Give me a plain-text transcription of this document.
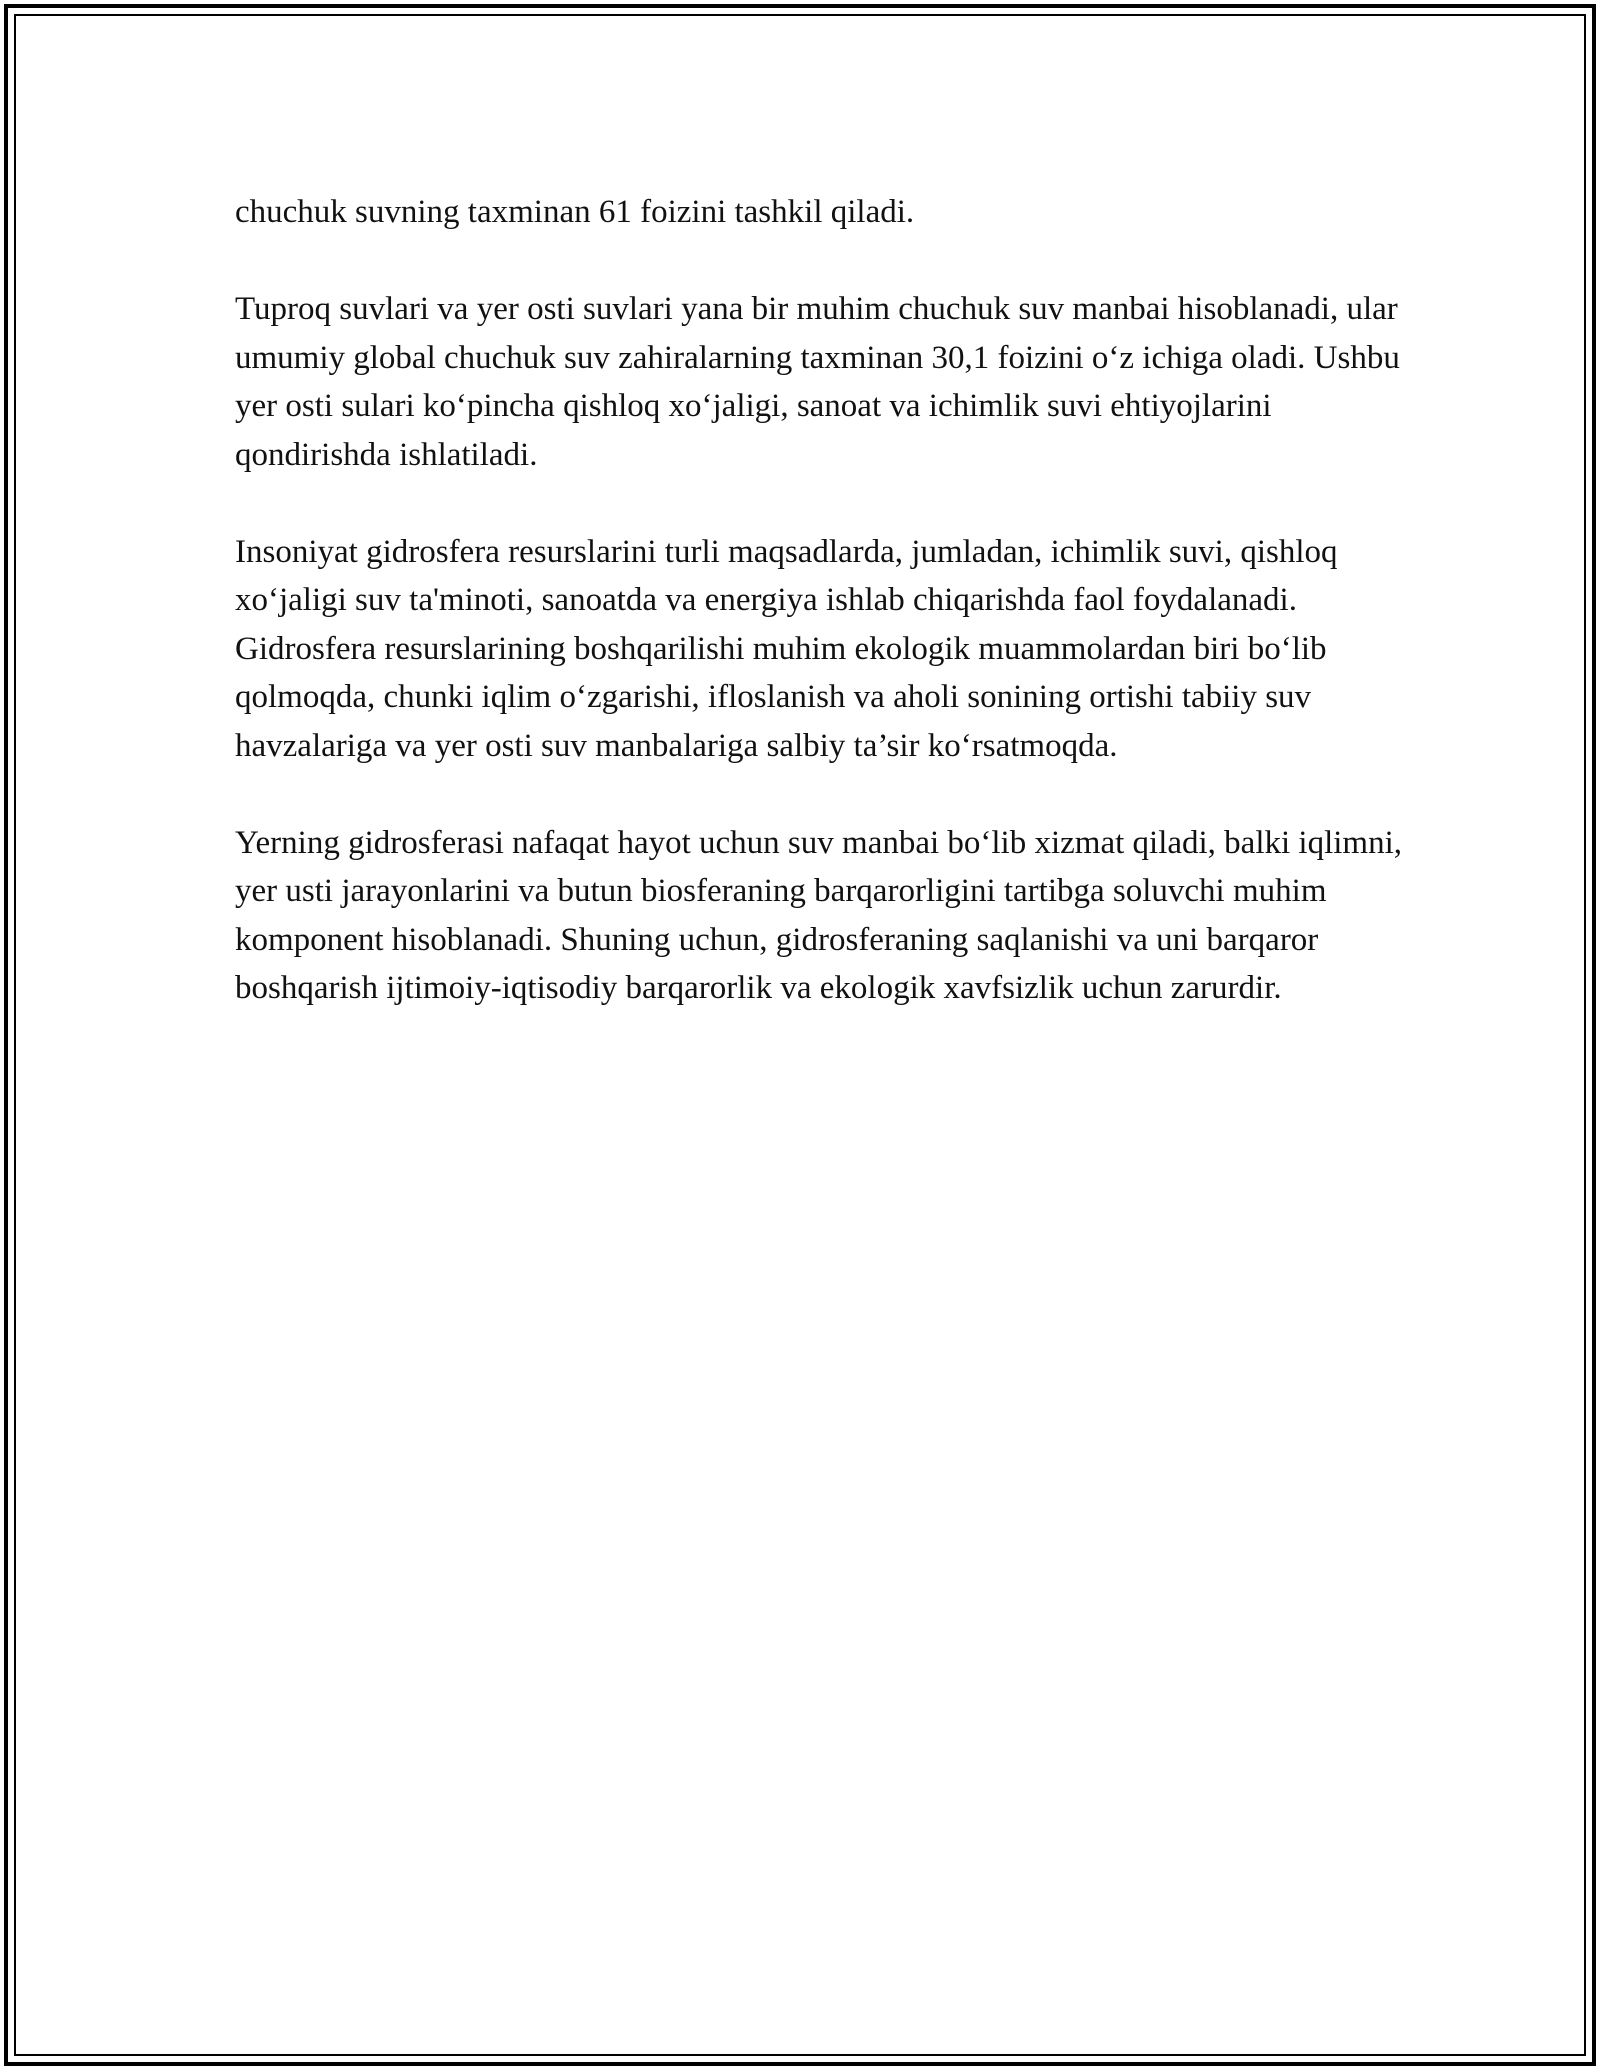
chuchuk suvning taxminan 61 foizini tashkil qiladi.

Tuproq suvlari va yer osti suvlari yana bir muhim chuchuk suv manbai hisoblanadi, ular umumiy global chuchuk suv zahiralarning taxminan 30,1 foizini oʻz ichiga oladi. Ushbu yer osti sulari koʻpincha qishloq xoʻjaligi, sanoat va ichimlik suvi ehtiyojlarini qondirishda ishlatiladi.

Insoniyat gidrosfera resurslarini turli maqsadlarda, jumladan, ichimlik suvi, qishloq xoʻjaligi suv ta'minoti, sanoatda va energiya ishlab chiqarishda faol foydalanadi. Gidrosfera resurslarining boshqarilishi muhim ekologik muammolardan biri boʻlib qolmoqda, chunki iqlim oʻzgarishi, ifloslanish va aholi sonining ortishi tabiiy suv havzalariga va yer osti suv manbalariga salbiy ta’sir koʻrsatmoqda.

Yerning gidrosferasi nafaqat hayot uchun suv manbai boʻlib xizmat qiladi, balki iqlimni, yer usti jarayonlarini va butun biosferaning barqarorligini tartibga soluvchi muhim komponent hisoblanadi. Shuning uchun, gidrosferaning saqlanishi va uni barqaror boshqarish ijtimoiy-iqtisodiy barqarorlik va ekologik xavfsizlik uchun zarurdir.
